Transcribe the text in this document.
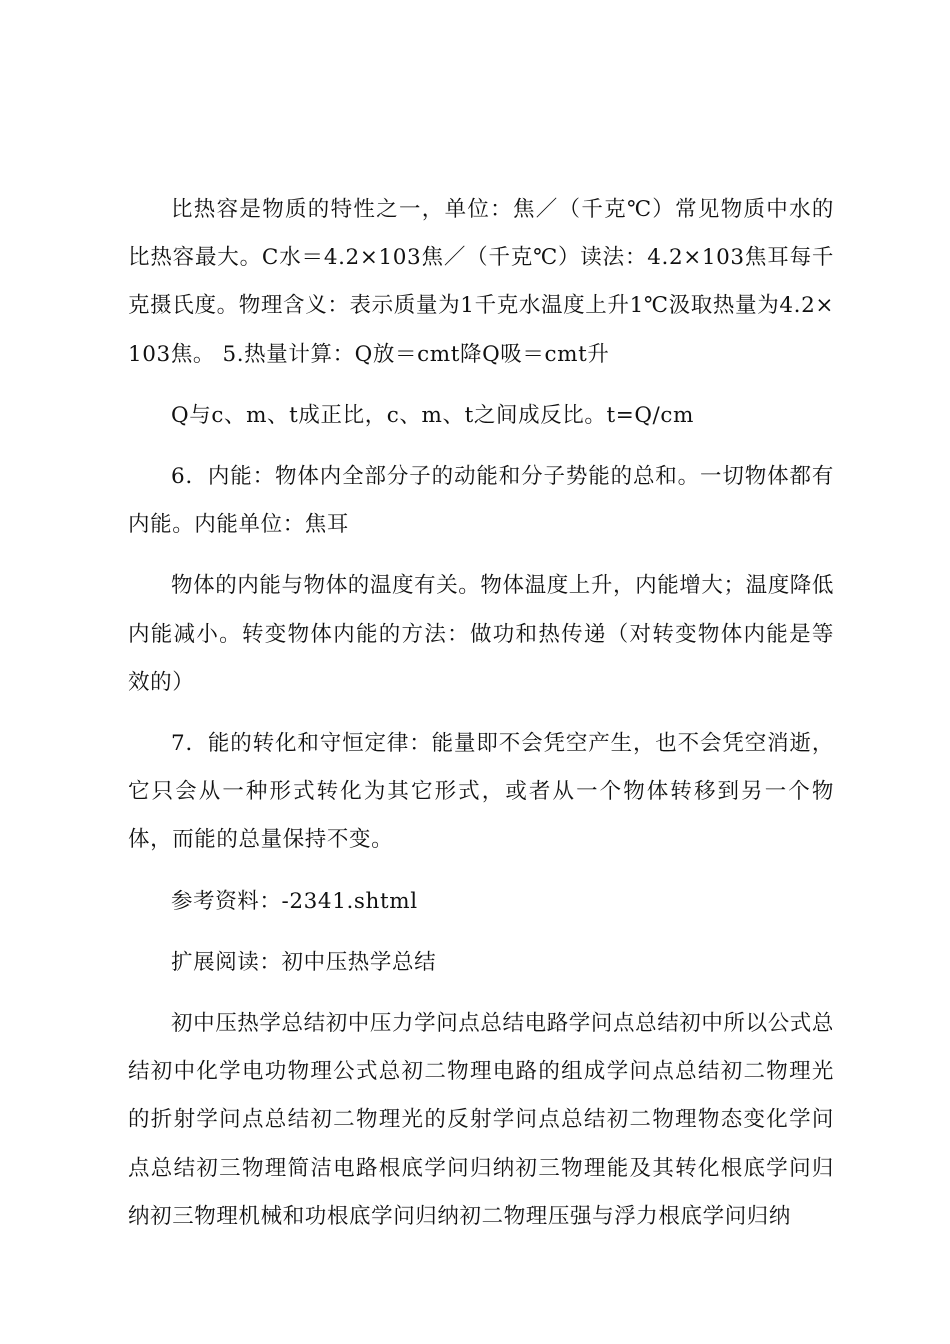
比热容是物质的特性之一，单位：焦／（千克℃）常见物质中水的比热容最大。C水＝4.2×103焦／（千克℃）读法：4.2×103焦耳每千克摄氏度。物理含义：表示质量为1千克水温度上升1℃汲取热量为4.2×103焦。 5.热量计算：Q放＝cmt降Q吸＝cmt升

Q与c、m、t成正比，c、m、t之间成反比。t=Q/cm

6．内能：物体内全部分子的动能和分子势能的总和。一切物体都有内能。内能单位：焦耳

物体的内能与物体的温度有关。物体温度上升，内能增大；温度降低内能减小。转变物体内能的方法：做功和热传递（对转变物体内能是等效的）

7．能的转化和守恒定律：能量即不会凭空产生，也不会凭空消逝，它只会从一种形式转化为其它形式，或者从一个物体转移到另一个物体，而能的总量保持不变。

参考资料：-2341.shtml

扩展阅读：初中压热学总结

初中压热学总结初中压力学问点总结电路学问点总结初中所以公式总结初中化学电功物理公式总初二物理电路的组成学问点总结初二物理光的折射学问点总结初二物理光的反射学问点总结初二物理物态变化学问点总结初三物理简洁电路根底学问归纳初三物理能及其转化根底学问归纳初三物理机械和功根底学问归纳初二物理压强与浮力根底学问归纳
